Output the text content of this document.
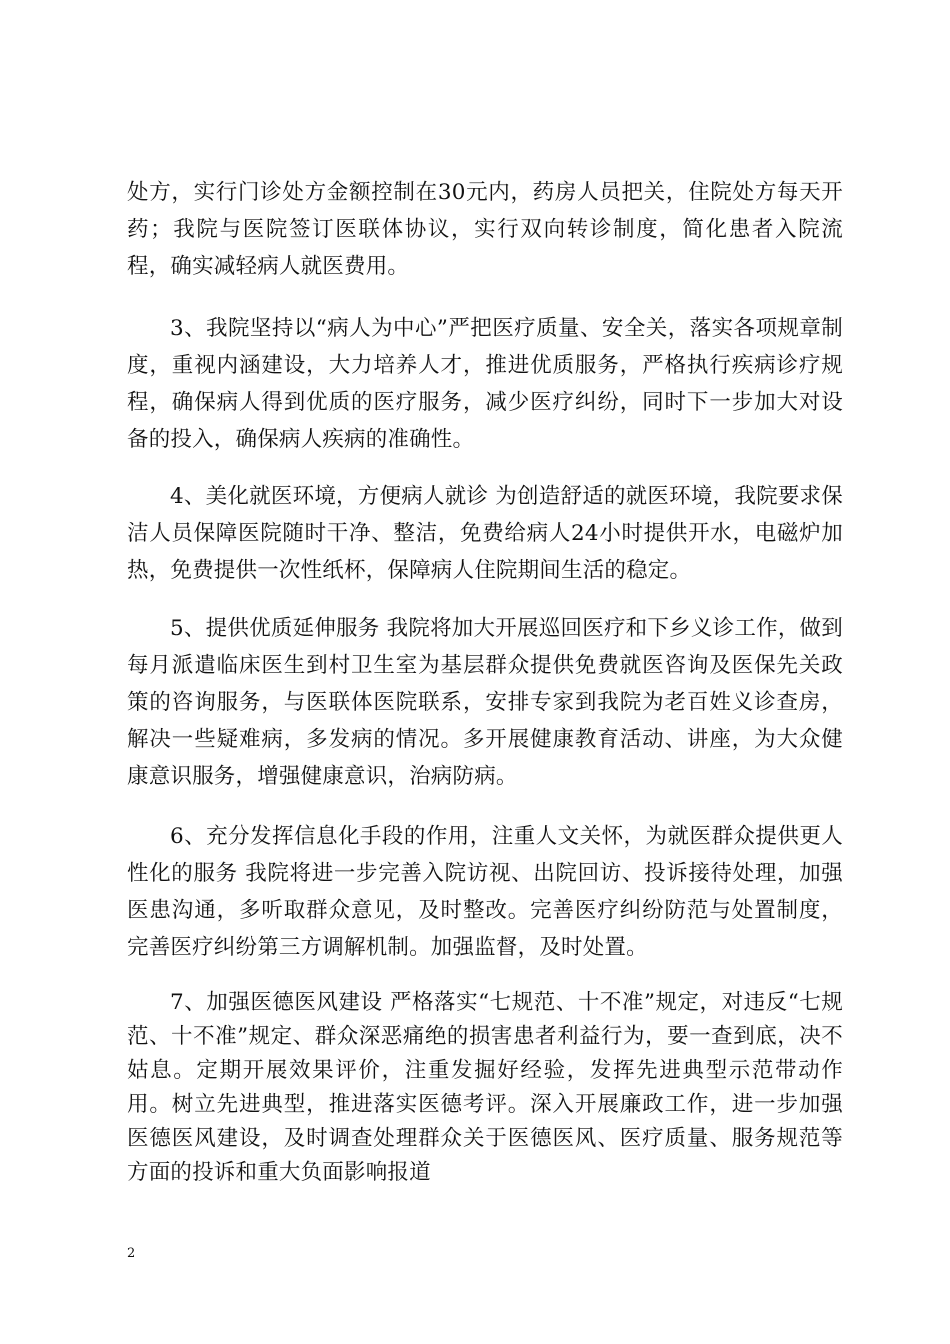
处方，实行门诊处方金额控制在30元内，药房人员把关，住院处方每天开药；我院与医院签订医联体协议，实行双向转诊制度，简化患者入院流程，确实减轻病人就医费用。

3、我院坚持以“病人为中心”严把医疗质量、安全关，落实各项规章制度，重视内涵建设，大力培养人才，推进优质服务，严格执行疾病诊疗规程，确保病人得到优质的医疗服务，减少医疗纠纷，同时下一步加大对设备的投入，确保病人疾病的准确性。

4、美化就医环境，方便病人就诊 为创造舒适的就医环境，我院要求保洁人员保障医院随时干净、整洁，免费给病人24小时提供开水，电磁炉加热，免费提供一次性纸杯，保障病人住院期间生活的稳定。

5、提供优质延伸服务 我院将加大开展巡回医疗和下乡义诊工作，做到每月派遣临床医生到村卫生室为基层群众提供免费就医咨询及医保先关政策的咨询服务，与医联体医院联系，安排专家到我院为老百姓义诊查房，解决一些疑难病，多发病的情况。多开展健康教育活动、讲座，为大众健康意识服务，增强健康意识，治病防病。

6、充分发挥信息化手段的作用，注重人文关怀，为就医群众提供更人性化的服务 我院将进一步完善入院访视、出院回访、投诉接待处理，加强医患沟通，多听取群众意见，及时整改。完善医疗纠纷防范与处置制度，完善医疗纠纷第三方调解机制。加强监督，及时处置。

7、加强医德医风建设 严格落实“七规范、十不准”规定，对违反“七规范、十不准”规定、群众深恶痛绝的损害患者利益行为，要一查到底，决不姑息。定期开展效果评价，注重发掘好经验，发挥先进典型示范带动作用。树立先进典型，推进落实医德考评。深入开展廉政工作，进一步加强医德医风建设，及时调查处理群众关于医德医风、医疗质量、服务规范等方面的投诉和重大负面影响报道

2
